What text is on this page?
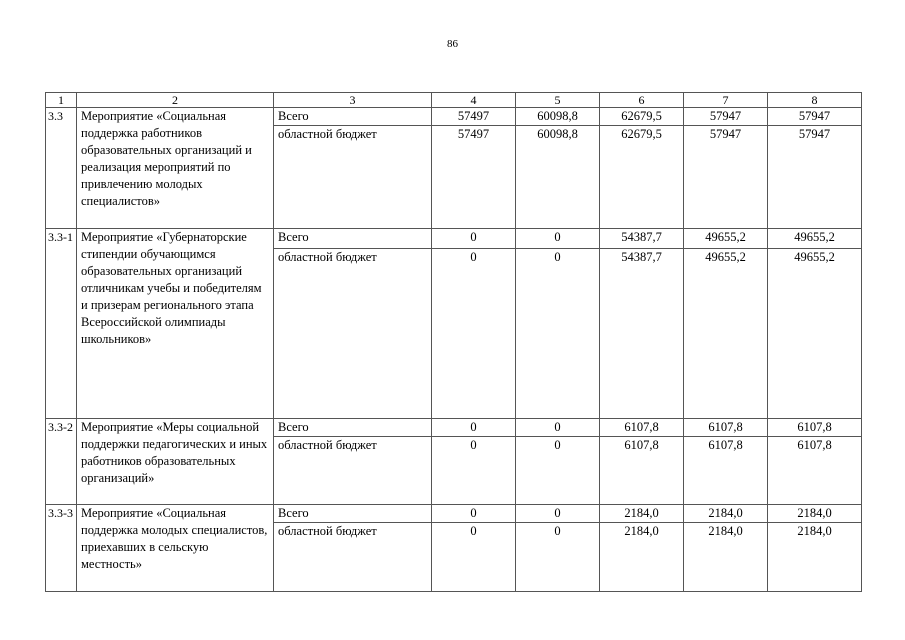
86
1	2	3	4	5	6	7	8
3.3	Мероприятие «Социальная поддержка работников образовательных организаций и реализация мероприятий по привлечению молодых специалистов»	Всего	57497	60098,8	62679,5	57947	57947
		областной бюджет	57497	60098,8	62679,5	57947	57947
3.3-1	Мероприятие «Губернаторские стипендии обучающимся образовательных организаций отличникам учебы и победителям и призерам регионального этапа Всероссийской олимпиады школьников»	Всего	0	0	54387,7	49655,2	49655,2
		областной бюджет	0	0	54387,7	49655,2	49655,2
3.3-2	Мероприятие «Меры социальной поддержки педагогических и иных работников образовательных организаций»	Всего	0	0	6107,8	6107,8	6107,8
		областной бюджет	0	0	6107,8	6107,8	6107,8
3.3-3	Мероприятие «Социальная поддержка молодых специалистов, приехавших в сельскую местность»	Всего	0	0	2184,0	2184,0	2184,0
		областной бюджет	0	0	2184,0	2184,0	2184,0
